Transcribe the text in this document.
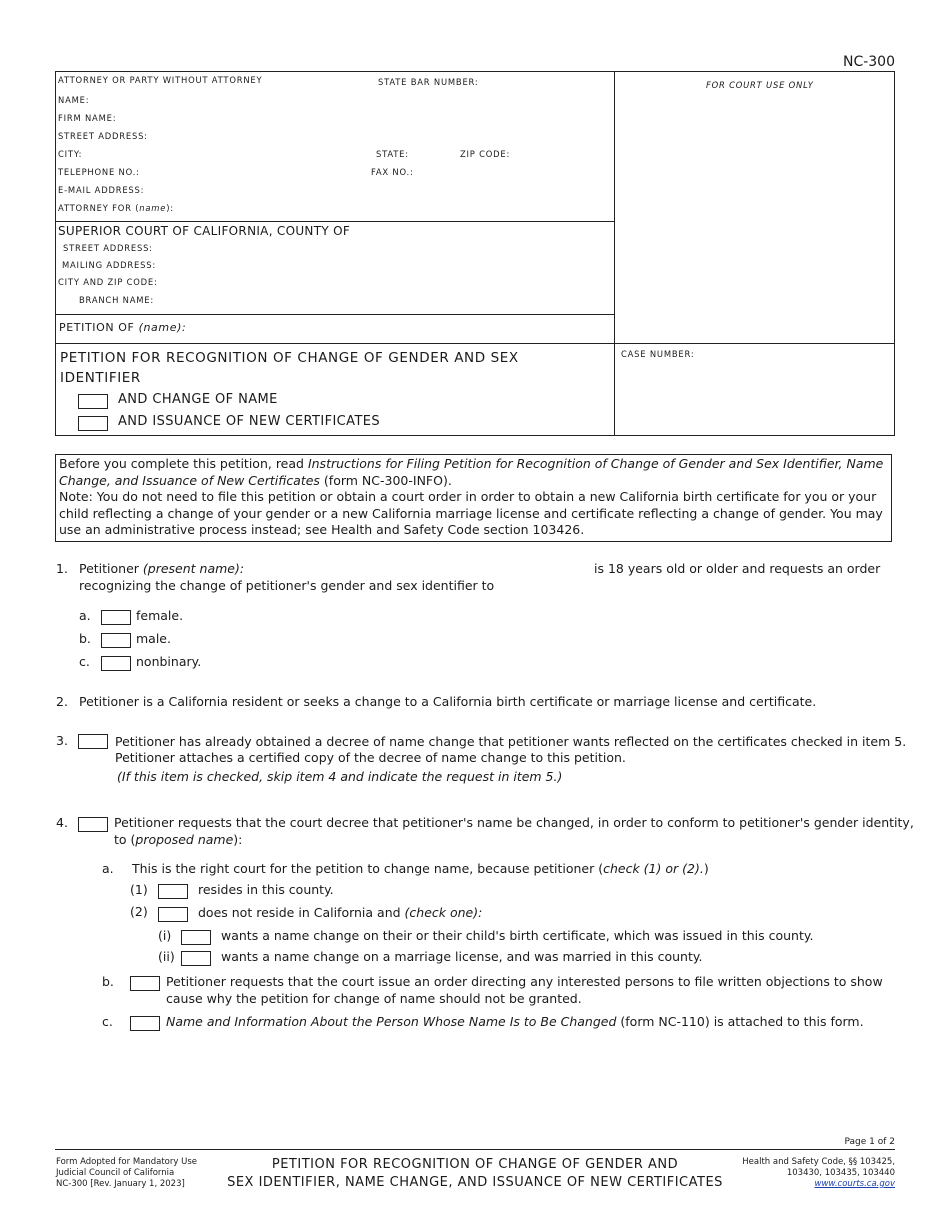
NC-300
ATTORNEY OR PARTY WITHOUT ATTORNEY	STATE BAR NUMBER:	FOR COURT USE ONLY
NAME:
FIRM NAME:
STREET ADDRESS:
CITY:	STATE:	ZIP CODE:
TELEPHONE NO.:	FAX NO.:
E-MAIL ADDRESS:
ATTORNEY FOR (name):
SUPERIOR COURT OF CALIFORNIA, COUNTY OF
STREET ADDRESS:
MAILING ADDRESS:
CITY AND ZIP CODE:
BRANCH NAME:
PETITION OF (name):
PETITION FOR RECOGNITION OF CHANGE OF GENDER AND SEX
IDENTIFIER
AND CHANGE OF NAME
AND ISSUANCE OF NEW CERTIFICATES
CASE NUMBER:
Before you complete this petition, read Instructions for Filing Petition for Recognition of Change of Gender and Sex Identifier, Name Change, and Issuance of New Certificates (form NC-300-INFO).
Note: You do not need to file this petition or obtain a court order in order to obtain a new California birth certificate for you or your child reflecting a change of your gender or a new California marriage license and certificate reflecting a change of gender. You may use an administrative process instead; see Health and Safety Code section 103426.
1. Petitioner (present name):	is 18 years old or older and requests an order
recognizing the change of petitioner's gender and sex identifier to
a.	female.
b.	male.
c.	nonbinary.
2. Petitioner is a California resident or seeks a change to a California birth certificate or marriage license and certificate.
3.	Petitioner has already obtained a decree of name change that petitioner wants reflected on the certificates checked in item 5.
Petitioner attaches a certified copy of the decree of name change to this petition.
(If this item is checked, skip item 4 and indicate the request in item 5.)
4.	Petitioner requests that the court decree that petitioner's name be changed, in order to conform to petitioner's gender identity,
to (proposed name):
a. This is the right court for the petition to change name, because petitioner (check (1) or (2).)
(1)	resides in this county.
(2)	does not reside in California and (check one):
(i)	wants a name change on their or their child's birth certificate, which was issued in this county.
(ii)	wants a name change on a marriage license, and was married in this county.
b.	Petitioner requests that the court issue an order directing any interested persons to file written objections to show
cause why the petition for change of name should not be granted.
c.	Name and Information About the Person Whose Name Is to Be Changed (form NC-110) is attached to this form.
Page 1 of 2
Form Adopted for Mandatory Use
Judicial Council of California
NC-300 [Rev. January 1, 2023]
PETITION FOR RECOGNITION OF CHANGE OF GENDER AND
SEX IDENTIFIER, NAME CHANGE, AND ISSUANCE OF NEW CERTIFICATES
Health and Safety Code, §§ 103425,
103430, 103435, 103440
www.courts.ca.gov
